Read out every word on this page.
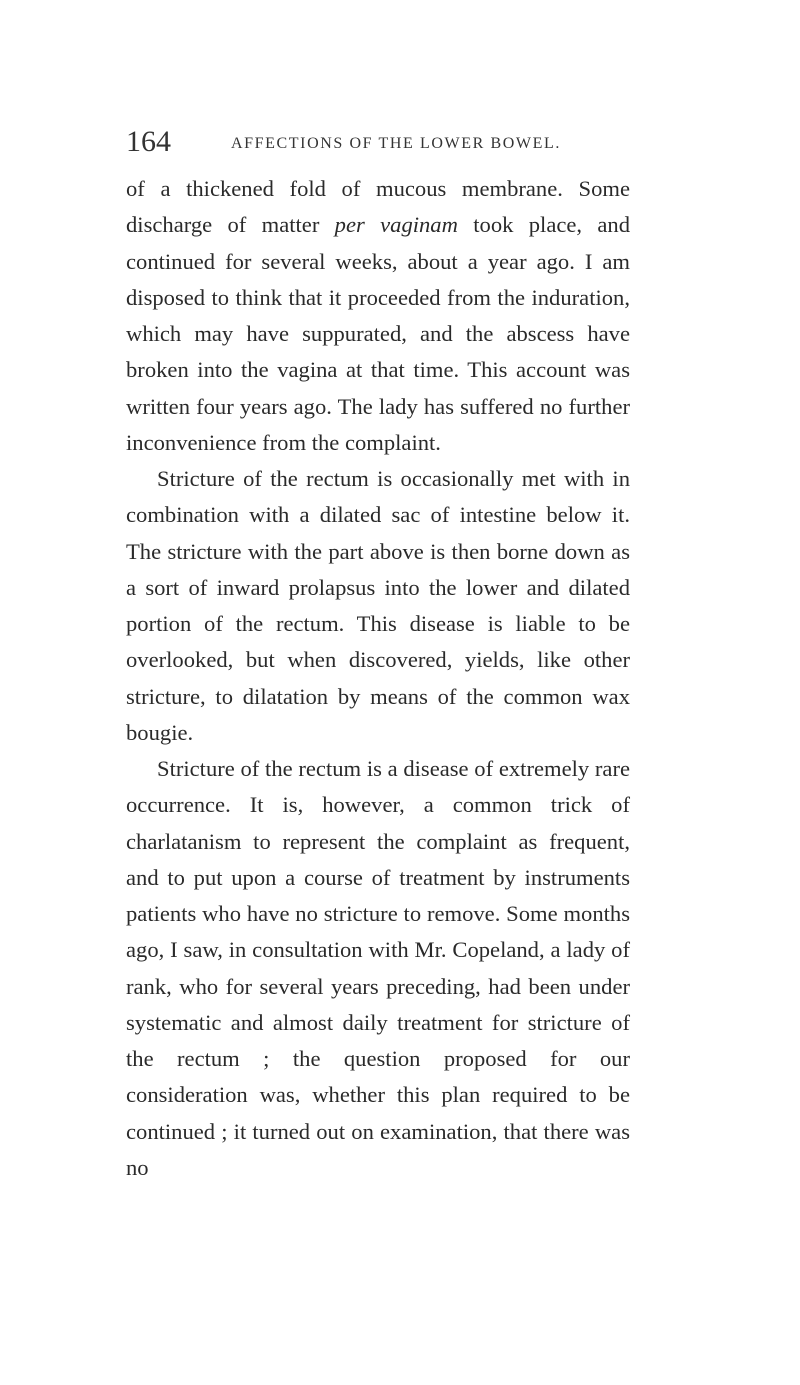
164	AFFECTIONS OF THE LOWER BOWEL.

of a thickened fold of mucous membrane. Some discharge of matter per vaginam took place, and continued for several weeks, about a year ago. I am disposed to think that it proceeded from the induration, which may have suppurated, and the abscess have broken into the vagina at that time. This account was written four years ago. The lady has suffered no further inconvenience from the complaint.

Stricture of the rectum is occasionally met with in combination with a dilated sac of intestine below it. The stricture with the part above is then borne down as a sort of inward prolapsus into the lower and dilated portion of the rectum. This disease is liable to be overlooked, but when discovered, yields, like other stricture, to dilatation by means of the common wax bougie.

Stricture of the rectum is a disease of extremely rare occurrence. It is, however, a common trick of charlatanism to represent the complaint as frequent, and to put upon a course of treatment by instruments patients who have no stricture to remove. Some months ago, I saw, in consultation with Mr. Copeland, a lady of rank, who for several years preceding, had been under systematic and almost daily treatment for stricture of the rectum ; the question proposed for our consideration was, whether this plan required to be continued ; it turned out on examination, that there was no
